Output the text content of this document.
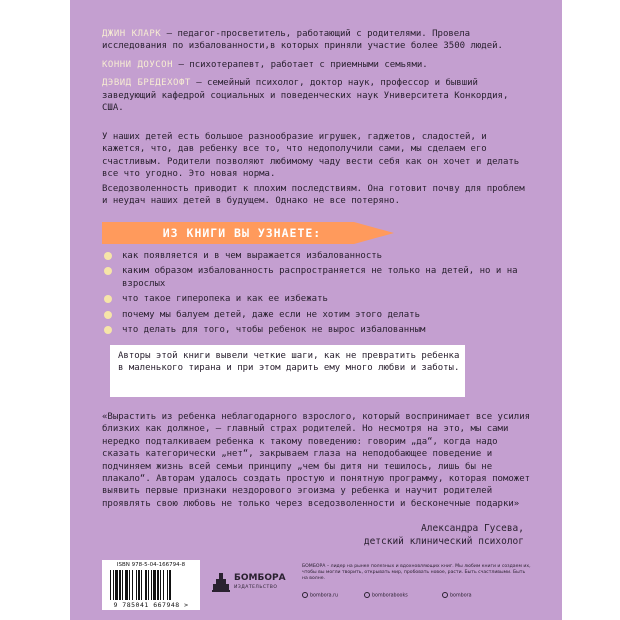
ДЖИН КЛАРК — педагог-просветитель, работающий с родителями. Провела исследования по избалованности,в которых приняли участие более 3500 людей.

КОННИ ДОУСОН — психотерапевт, работает с приемными семьями.

ДЭВИД БРЕДЕХОФТ — семейный психолог, доктор наук, профессор и бывший заведующий кафедрой социальных и поведенческих наук Университета Конкордия, США.

У наших детей есть большое разнообразие игрушек, гаджетов, сладостей, и кажется, что, дав ребенку все то, что недополучили сами, мы сделаем его счастливым. Родители позволяют любимому чаду вести себя как он хочет и делать все что угодно. Это новая норма.

Вседозволенность приводит к плохим последствиям. Она готовит почву для проблем и неудач наших детей в будущем. Однако не все потеряно.

ИЗ КНИГИ ВЫ УЗНАЕТЕ:
как появляется и в чем выражается избалованность
каким образом избалованность распространяется не только на детей, но и на взрослых
что такое гиперопека и как ее избежать
почему мы балуем детей, даже если не хотим этого делать
что делать для того, чтобы ребенок не вырос избалованным

Авторы этой книги вывели четкие шаги, как не превратить ребенка в маленького тирана и при этом дарить ему много любви и заботы.

«Вырастить из ребенка неблагодарного взрослого, который воспринимает все усилия близких как должное, — главный страх родителей. Но несмотря на это, мы сами нередко подталкиваем ребенка к такому поведению: говорим „да“, когда надо сказать категорически „нет“, закрываем глаза на неподобающее поведение и подчиняем жизнь всей семьи принципу „чем бы дитя ни тешилось, лишь бы не плакало“. Авторам удалось создать простую и понятную программу, которая поможет выявить первые признаки нездорового эгоизма у ребенка и научит родителей проявлять свою любовь не только через вседозволенности и бесконечные подарки»

Александра Гусева,
детский клинический психолог
ISBN 978-5-04-166794-8
9 785041 667948 >
БОМБОРА
ИЗДАТЕЛЬСТВО

БОМБОРА – лидер на рынке полезных и вдохновляющих книг. Мы любим книги и создаем их, чтобы вы могли творить, открывать мир, пробовать новое, расти. Быть счастливыми. Быть на волне.

bombora.ru	bomborabooks	bombora
